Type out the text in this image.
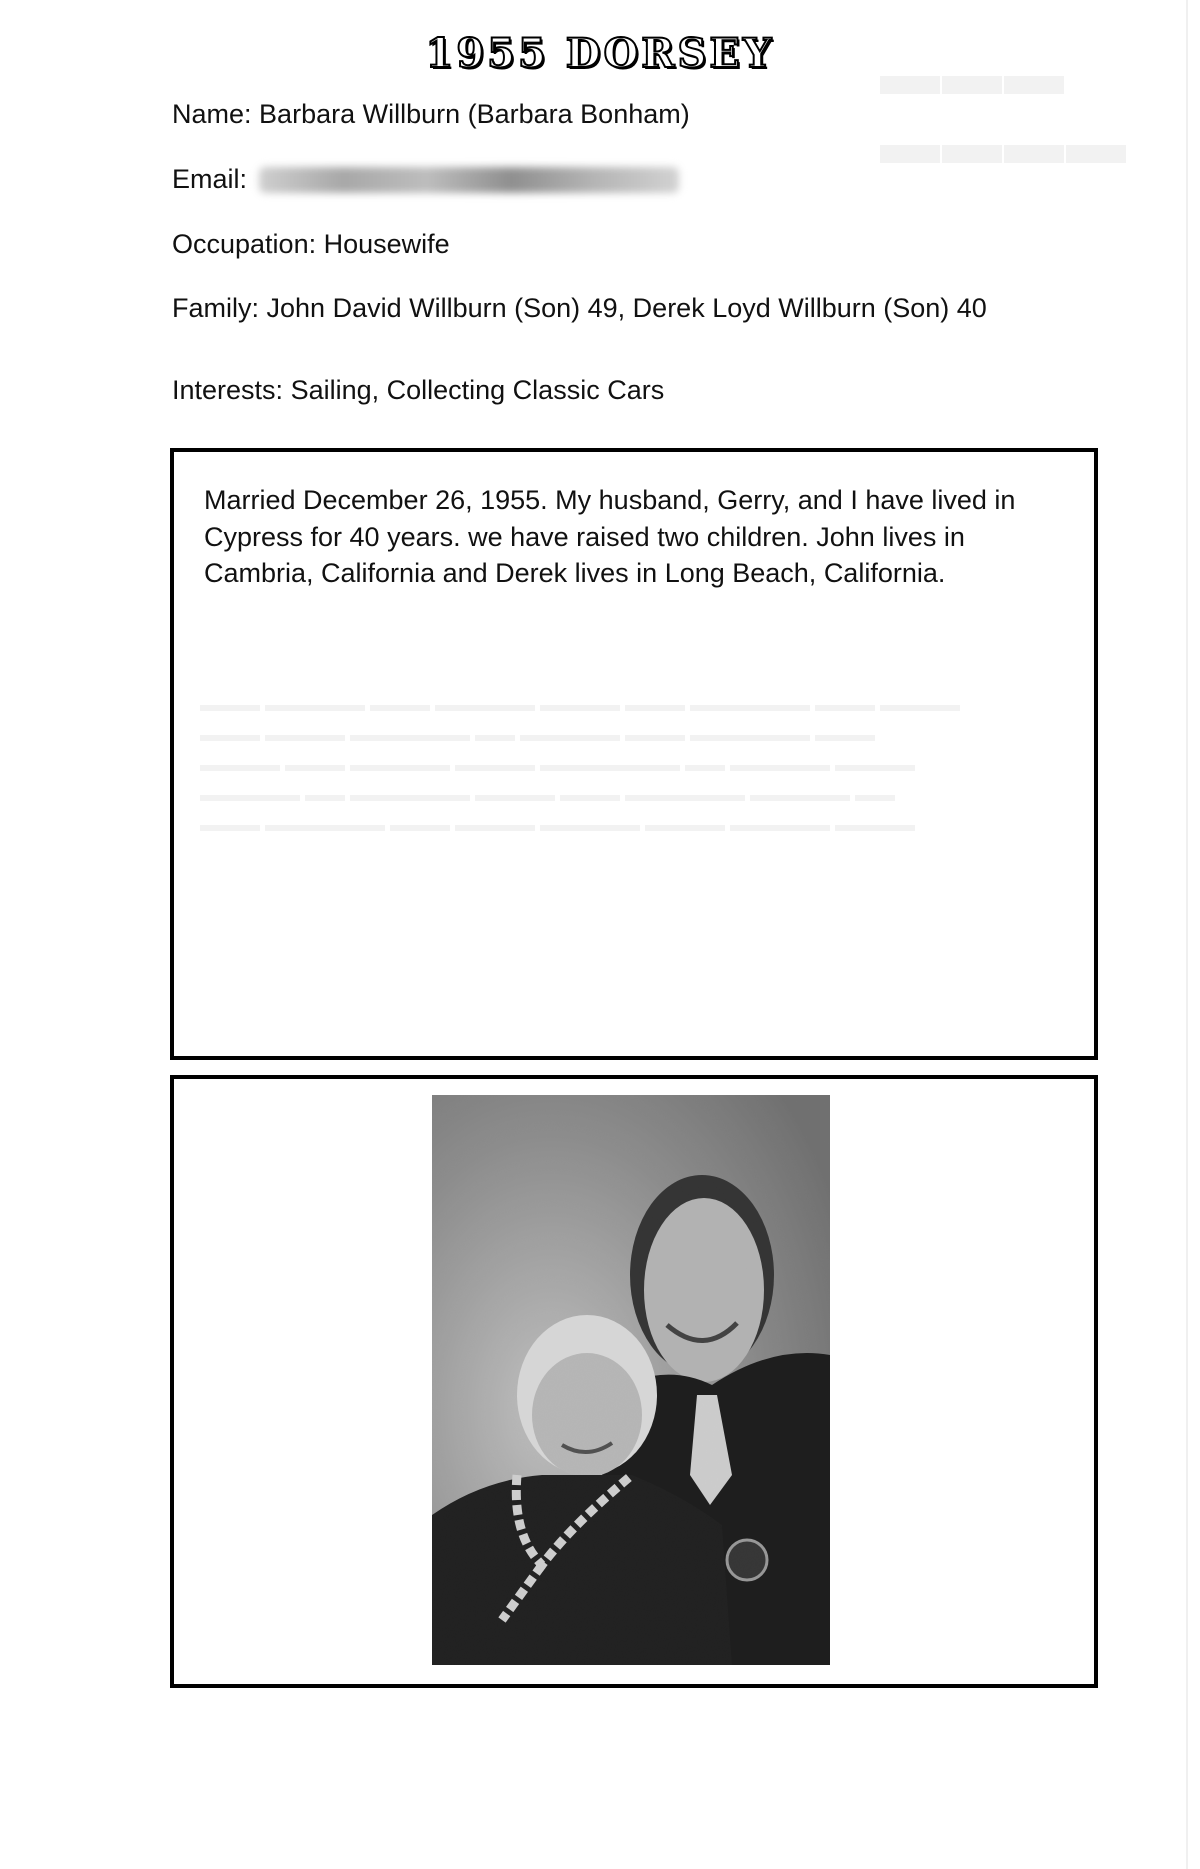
▬▬▬ ▬▬▬▬
▬▬▬ ▬▬▬▬▬ ▬▬▬ ▬▬▬▬▬ ▬▬▬▬ ▬▬▬ ▬▬▬▬▬▬ ▬▬▬ ▬▬▬▬
▬▬▬ ▬▬▬▬ ▬▬▬▬▬▬ ▬▬ ▬▬▬▬▬ ▬▬▬ ▬▬▬▬▬▬ ▬▬▬
▬▬▬▬ ▬▬▬ ▬▬▬▬▬ ▬▬▬▬ ▬▬▬▬▬▬▬ ▬▬ ▬▬▬▬▬ ▬▬▬▬
▬▬▬▬▬ ▬▬ ▬▬▬▬▬▬ ▬▬▬▬ ▬▬▬ ▬▬▬▬▬▬ ▬▬▬▬▬ ▬▬
▬▬▬ ▬▬▬▬▬▬ ▬▬▬ ▬▬▬▬ ▬▬▬▬▬ ▬▬▬▬ ▬▬▬▬▬ ▬▬▬▬
1955 DORSEY
Name: Barbara Willburn (Barbara Bonham)
Email:
Occupation: Housewife
Family: John David Willburn (Son) 49, Derek Loyd Willburn (Son) 40
Interests: Sailing, Collecting Classic Cars
Married December 26, 1955. My husband, Gerry, and I have lived in Cypress for 40 years. we have raised two children. John lives in Cambria, California and Derek lives in Long Beach, California.
